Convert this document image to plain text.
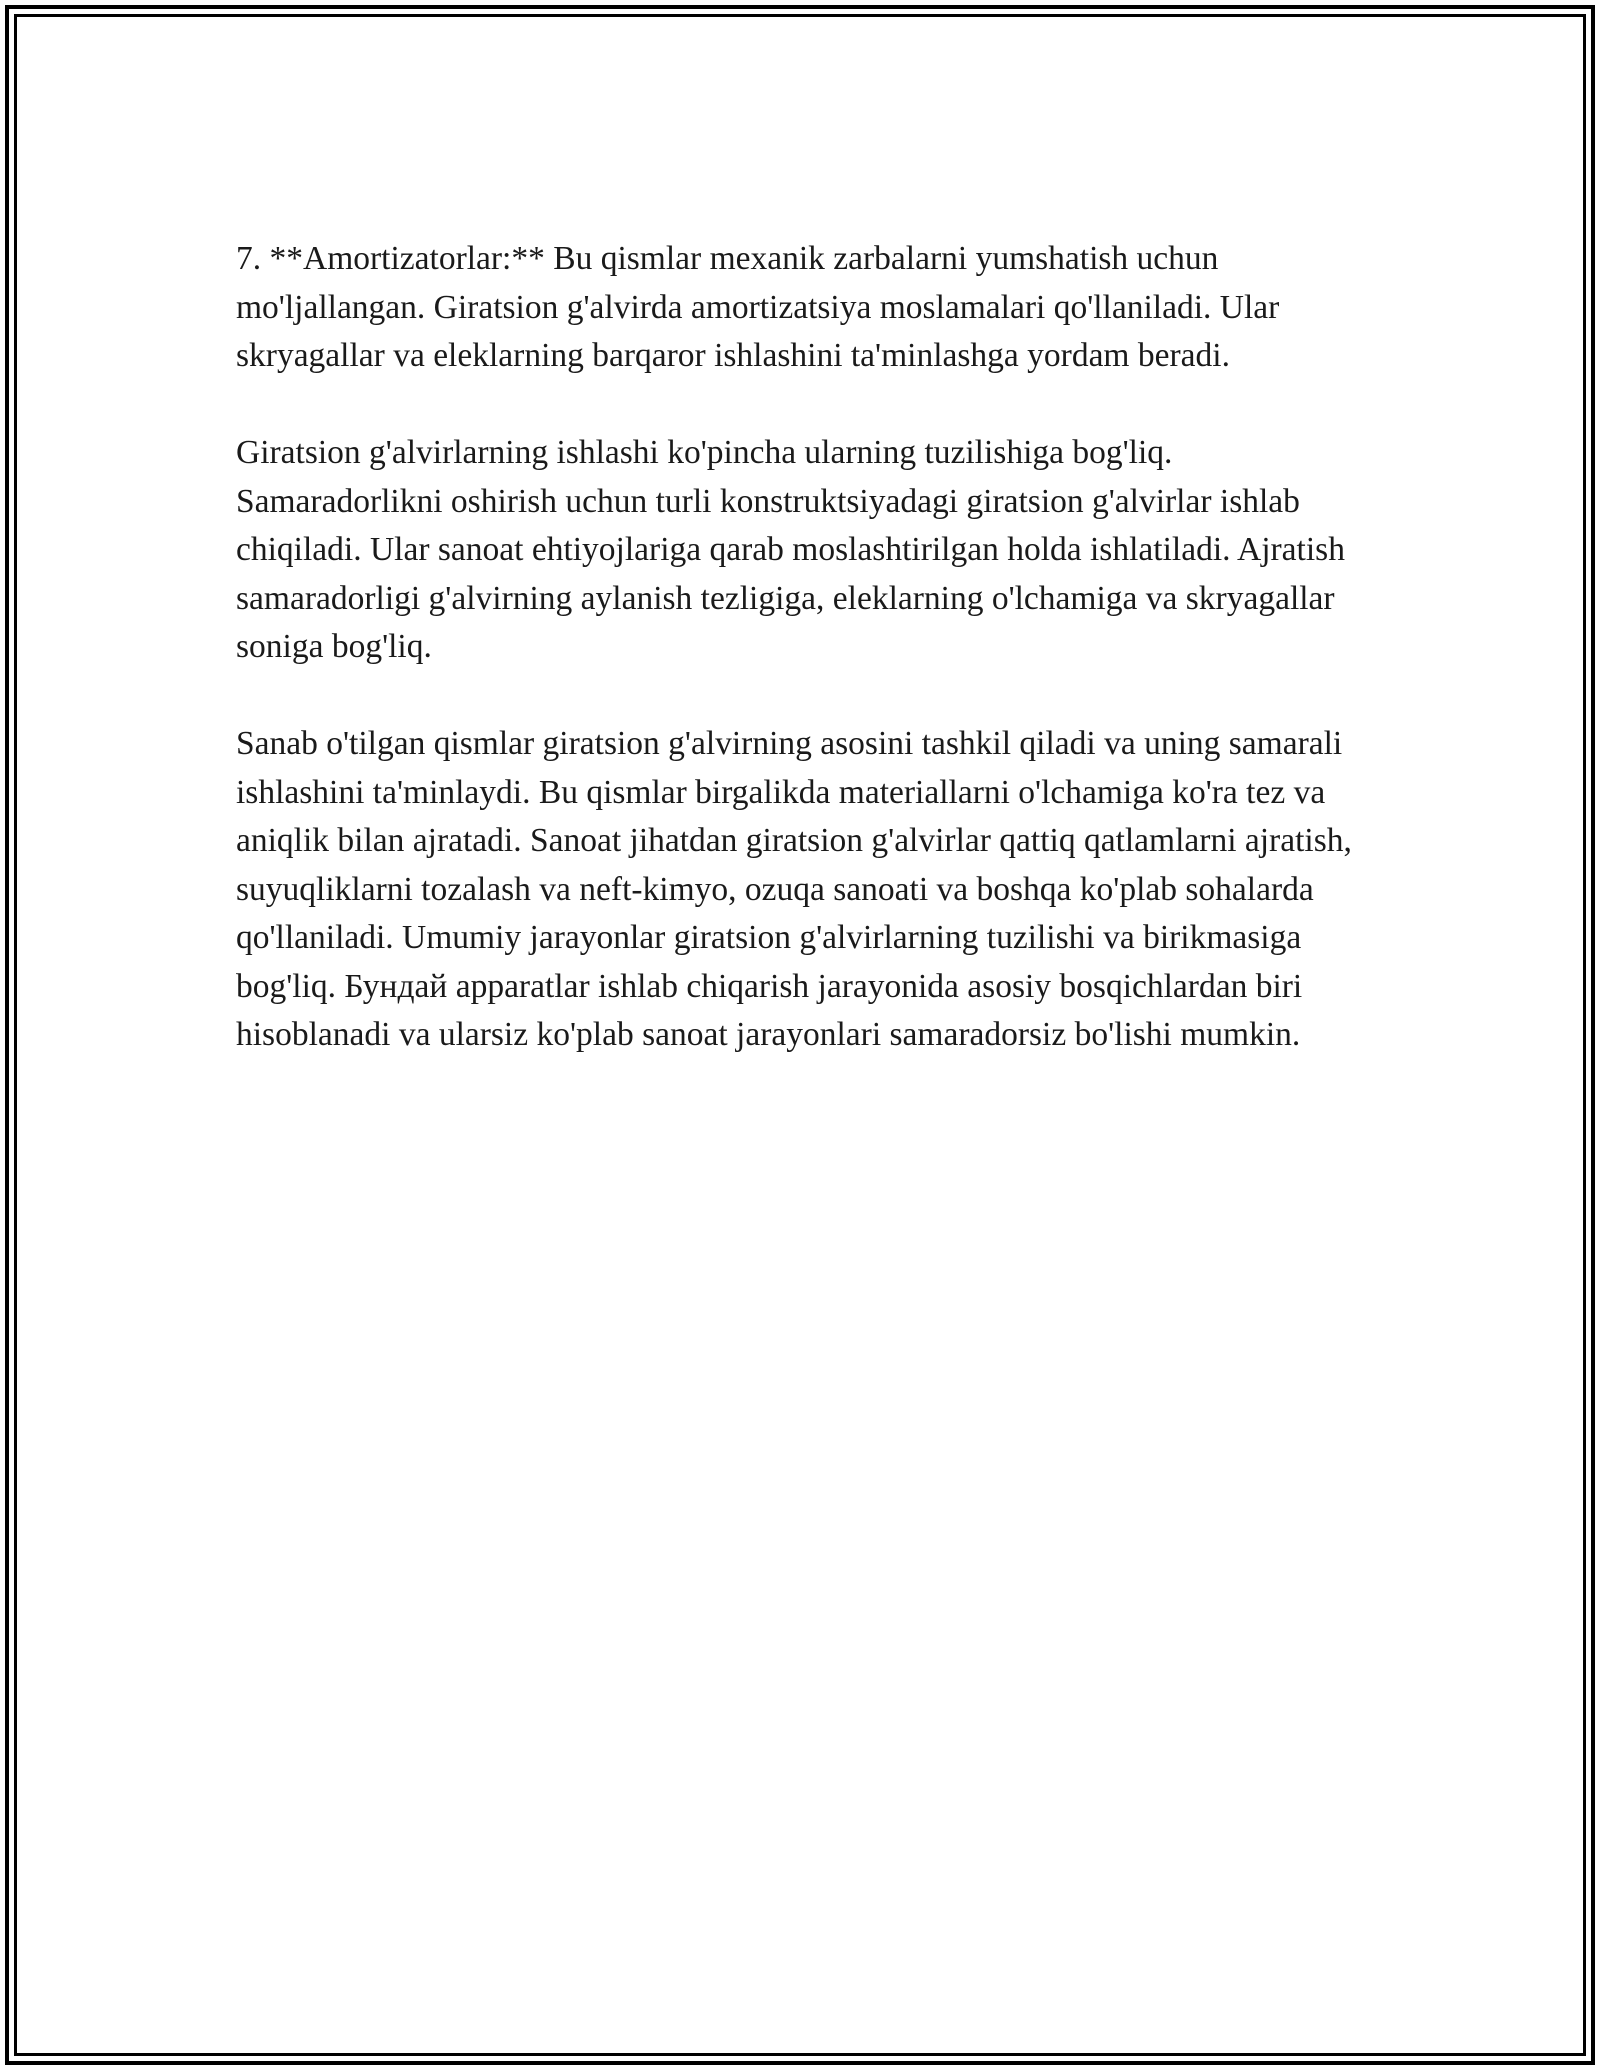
7. **Amortizatorlar:** Bu qismlar mexanik zarbalarni yumshatish uchun mo'ljallangan. Giratsion g'alvirda amortizatsiya moslamalari qo'llaniladi. Ular skryagallar va eleklarning barqaror ishlashini ta'minlashga yordam beradi.

Giratsion g'alvirlarning ishlashi ko'pincha ularning tuzilishiga bog'liq. Samaradorlikni oshirish uchun turli konstruktsiyadagi giratsion g'alvirlar ishlab chiqiladi. Ular sanoat ehtiyojlariga qarab moslashtirilgan holda ishlatiladi. Ajratish samaradorligi g'alvirning aylanish tezligiga, eleklarning o'lchamiga va skryagallar soniga bog'liq.

Sanab o'tilgan qismlar giratsion g'alvirning asosini tashkil qiladi va uning samarali ishlashini ta'minlaydi. Bu qismlar birgalikda materiallarni o'lchamiga ko'ra tez va aniqlik bilan ajratadi. Sanoat jihatdan giratsion g'alvirlar qattiq qatlamlarni ajratish, suyuqliklarni tozalash va neft-kimyo, ozuqa sanoati va boshqa ko'plab sohalarda qo'llaniladi. Umumiy jarayonlar giratsion g'alvirlarning tuzilishi va birikmasiga bog'liq. Бундай apparatlar ishlab chiqarish jarayonida asosiy bosqichlardan biri hisoblanadi va ularsiz ko'plab sanoat jarayonlari samaradorsiz bo'lishi mumkin.
